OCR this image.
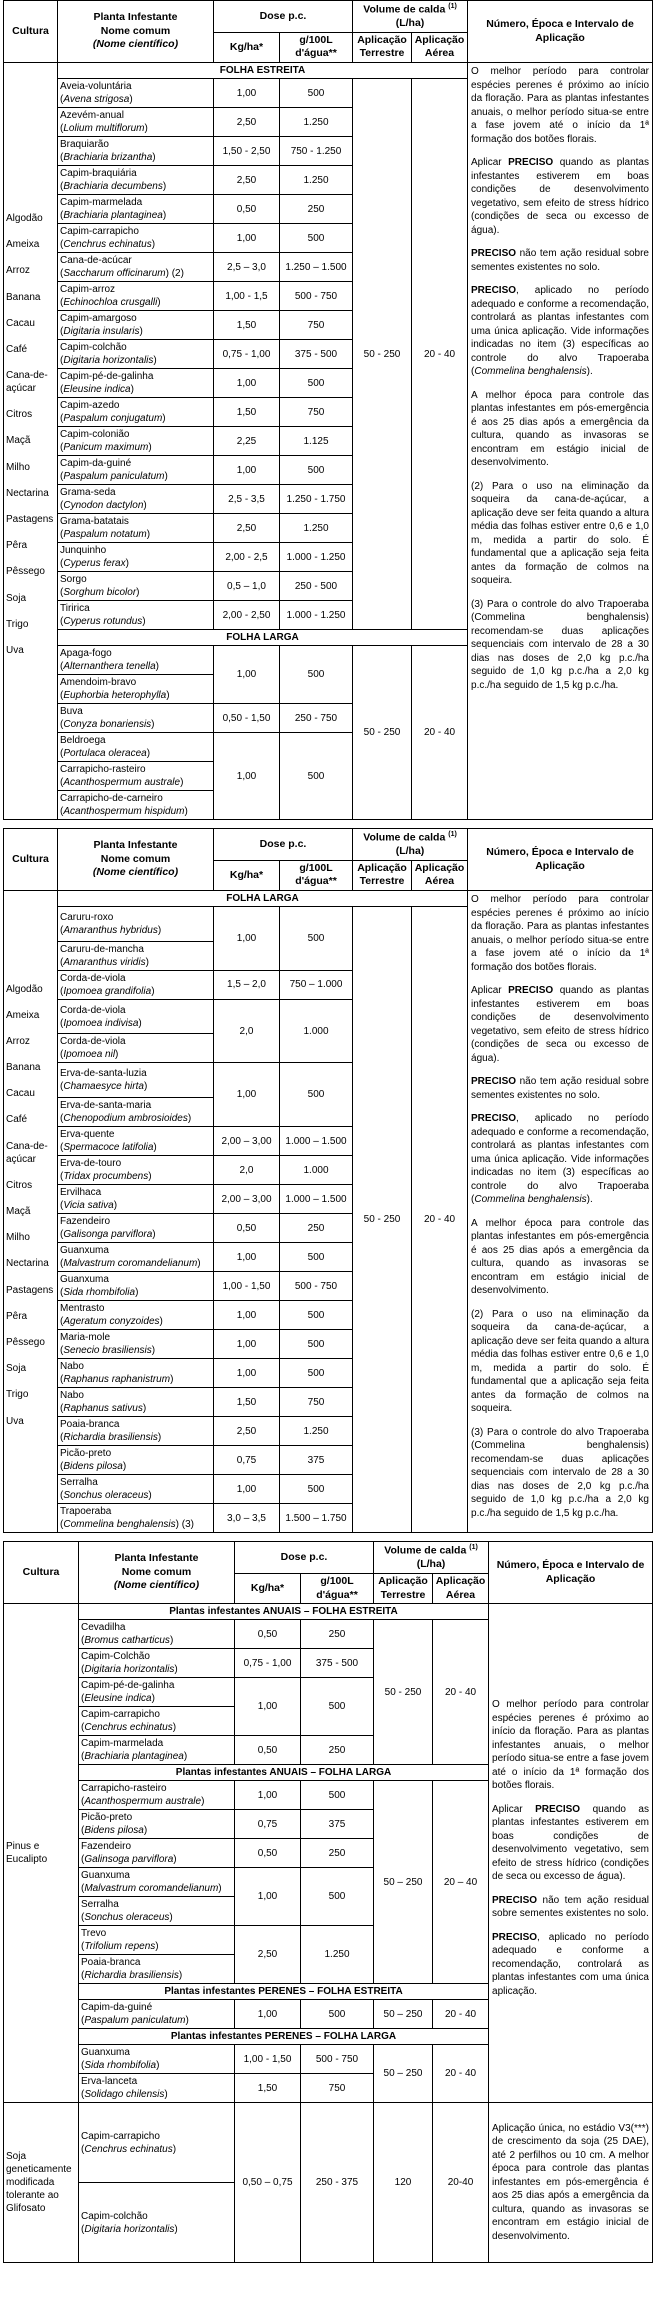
Cultura	Planta Infestante
Nome comum
(Nome científico)	Dose p.c.		Volume de calda $^{(1)}$
(L/ha)		Número, Época e Intervalo de Aplicação
		Kg/ha*	g/100L d'água**	Aplicação Terrestre	Aplicação Aérea	

Algodão
Ameixa
Arroz
Banana
Cacau
Café
Cana-de-açúcar
Citros
Maçã
Milho
Nectarina
Pastagens
Pêra
Pêssego
Soja
Trigo
Uva
	FOLHA ESTREITA	O melhor período para controlar espécies perenes é próximo ao início da floração. Para as plantas infestantes anuais, o melhor período situa-se entre a fase jovem até o início da 1ª formação dos botões florais.

Aplicar PRECISO quando as plantas infestantes estiverem em boas condições de desenvolvimento vegetativo, sem efeito de stress hídrico (condições de seca ou excesso de água).

PRECISO não tem ação residual sobre sementes existentes no solo.

PRECISO, aplicado no período adequado e conforme a recomendação, controlará as plantas infestantes com uma única aplicação. Vide informações indicadas no item (3) específicas ao controle do alvo Trapoeraba (Commelina benghalensis).

A melhor época para controle das plantas infestantes em pós-emergência é aos 25 dias após a emergência da cultura, quando as invasoras se encontram em estágio inicial de desenvolvimento.

(2) Para o uso na eliminação da soqueira da cana-de-açúcar, a aplicação deve ser feita quando a altura média das folhas estiver entre 0,6 e 1,0 m, medida a partir do solo. É fundamental que a aplicação seja feita antes da formação de colmos na soqueira.

(3) Para o controle do alvo Trapoeraba (Commelina benghalensis) recomendam-se duas aplicações sequenciais com intervalo de 28 a 30 dias nas doses de 2,0 kg p.c./ha seguido de 1,0 kg p.c./ha a 2,0 kg p.c./ha seguido de 1,5 kg p.c./ha.

	Aveia-voluntária
(Avena strigosa)	1,00	500	50 - 250	20 - 40	

	Azevém-anual
(Lolium multiflorum)	2,50	1.250			

	Braquiarão
(Brachiaria brizantha)	1,50 - 2,50	750 - 1.250			

	Capim-braquiária
(Brachiaria decumbens)	2,50	1.250			

	Capim-marmelada
(Brachiaria plantaginea)	0,50	250			

	Capim-carrapicho
(Cenchrus echinatus)	1,00	500			

	Cana-de-acúcar
(Saccharum officinarum) (2)	2,5 – 3,0	1.250 – 1.500			

	Capim-arroz
(Echinochloa crusgalli)	1,00 - 1,5	500 - 750			

	Capim-amargoso
(Digitaria insularis)	1,50	750			

	Capim-colchão
(Digitaria horizontalis)	0,75 - 1,00	375 - 500			

	Capim-pé-de-galinha
(Eleusine indica)	1,00	500			

	Capim-azedo
(Paspalum conjugatum)	1,50	750			

	Capim-colonião
(Panicum maximum)	2,25	1.125			

	Capim-da-guiné
(Paspalum paniculatum)	1,00	500			

	Grama-seda
(Cynodon dactylon)	2,5 - 3,5	1.250 - 1.750			

	Grama-batatais
(Paspalum notatum)	2,50	1.250			

	Junquinho
(Cyperus ferax)	2,00 - 2,5	1.000 - 1.250			

	Sorgo
(Sorghum bicolor)	0,5 – 1,0	250 - 500			

	Tiririca
(Cyperus rotundus)	2,00 - 2,50	1.000 - 1.250			
	FOLHA LARGA					

	Apaga-fogo
(Alternanthera tenella)	1,00	500	50 - 250	20 - 40	

	Amendoim-bravo
(Euphorbia heterophylla)					

	Buva
(Conyza bonariensis)	0,50 - 1,50	250 - 750			

	Beldroega
(Portulaca oleracea)	1,00	500			

	Carrapicho-rasteiro
(Acanthospermum australe)					

	Carrapicho-de-carneiro
(Acanthospermum hispidum)					
Cultura	Planta Infestante
Nome comum
(Nome científico)	Dose p.c.		Volume de calda $^{(1)}$
(L/ha)		Número, Época e Intervalo de Aplicação
		Kg/ha*	g/100L d'água**	Aplicação Terrestre	Aplicação Aérea	

Algodão
Ameixa
Arroz
Banana
Cacau
Café
Cana-de-açúcar
Citros
Maçã
Milho
Nectarina
Pastagens
Pêra
Pêssego
Soja
Trigo
Uva
	FOLHA LARGA	O melhor período para controlar espécies perenes é próximo ao início da floração. Para as plantas infestantes anuais, o melhor período situa-se entre a fase jovem até o início da 1ª formação dos botões florais.

Aplicar PRECISO quando as plantas infestantes estiverem em boas condições de desenvolvimento vegetativo, sem efeito de stress hídrico (condições de seca ou excesso de água).

PRECISO não tem ação residual sobre sementes existentes no solo.

PRECISO, aplicado no período adequado e conforme a recomendação, controlará as plantas infestantes com uma única aplicação. Vide informações indicadas no item (3) específicas ao controle do alvo Trapoeraba (Commelina benghalensis).

A melhor época para controle das plantas infestantes em pós-emergência é aos 25 dias após a emergência da cultura, quando as invasoras se encontram em estágio inicial de desenvolvimento.

(2) Para o uso na eliminação da soqueira da cana-de-açúcar, a aplicação deve ser feita quando a altura média das folhas estiver entre 0,6 e 1,0 m, medida a partir do solo. É fundamental que a aplicação seja feita antes da formação de colmos na soqueira.

(3) Para o controle do alvo Trapoeraba (Commelina benghalensis) recomendam-se duas aplicações sequenciais com intervalo de 28 a 30 dias nas doses de 2,0 kg p.c./ha seguido de 1,0 kg p.c./ha a 2,0 kg p.c./ha seguido de 1,5 kg p.c./ha.

	Caruru-roxo
(Amaranthus hybridus)	1,00	500	50 - 250	20 - 40	

	Caruru-de-mancha
(Amaranthus viridis)					

	Corda-de-viola
(Ipomoea grandifolia)	1,5 – 2,0	750 – 1.000			

	Corda-de-viola
(Ipomoea indivisa)	2,0	1.000			

	Corda-de-viola
(Ipomoea nil)					

	Erva-de-santa-luzia
(Chamaesyce hirta)	1,00	500			

	Erva-de-santa-maria
(Chenopodium ambrosioides)					

	Erva-quente
(Spermacoce latifolia)	2,00 – 3,00	1.000 – 1.500			

	Erva-de-touro
(Tridax procumbens)	2,0	1.000			

	Ervilhaca
(Vicia sativa)	2,00 – 3,00	1.000 – 1.500			

	Fazendeiro
(Galisonga parviflora)	0,50	250			

	Guanxuma
(Malvastrum coromandelianum)	1,00	500			

	Guanxuma
(Sida rhombifolia)	1,00 - 1,50	500 - 750			

	Mentrasto
(Ageratum conyzoides)	1,00	500			

	Maria-mole
(Senecio brasiliensis)	1,00	500			

	Nabo
(Raphanus raphanistrum)	1,00	500			

	Nabo
(Raphanus sativus)	1,50	750			

	Poaia-branca
(Richardia brasiliensis)	2,50	1.250			

	Picão-preto
(Bidens pilosa)	0,75	375			

	Serralha
(Sonchus oleraceus)	1,00	500			

	Trapoeraba
(Commelina benghalensis) (3)	3,0 – 3,5	1.500 – 1.750			
Cultura	Planta Infestante
Nome comum
(Nome científico)	Dose p.c.		Volume de calda $^{(1)}$
(L/ha)		Número, Época e Intervalo de Aplicação
		Kg/ha*	g/100L d'água**	Aplicação Terrestre	Aplicação Aérea	
Pinus e Eucalipto	Plantas infestantes ANUAIS – FOLHA ESTREITA					O melhor período para controlar espécies perenes é próximo ao início da floração. Para as plantas infestantes anuais, o melhor período situa-se entre a fase jovem até o início da 1ª formação dos botões florais.

Aplicar PRECISO quando as plantas infestantes estiverem em boas condições de desenvolvimento vegetativo, sem efeito de stress hídrico (condições de seca ou excesso de água).

PRECISO não tem ação residual sobre sementes existentes no solo.

PRECISO, aplicado no período adequado e conforme a recomendação, controlará as plantas infestantes com uma única aplicação.

	Cevadilha
(Bromus catharticus)	0,50	250	50 - 250	20 - 40	

	Capim-Colchão
(Digitaria horizontalis)	0,75 - 1,00	375 - 500			

	Capim-pé-de-galinha
(Eleusine indica)	1,00	500			

	Capim-carrapicho
(Cenchrus echinatus)					

	Capim-marmelada
(Brachiaria plantaginea)	0,50	250			
	Plantas infestantes ANUAIS – FOLHA LARGA					

	Carrapicho-rasteiro
(Acanthospermum australe)	1,00	500	50 – 250	20 – 40	

	Picão-preto
(Bidens pilosa)	0,75	375			

	Fazendeiro
(Galinsoga parviflora)	0,50	250			

	Guanxuma
(Malvastrum coromandelianum)	1,00	500			

	Serralha
(Sonchus oleraceus)					

	Trevo
(Trifolium repens)	2,50	1.250			

	Poaia-branca
(Richardia brasiliensis)					

	Plantas infestantes PERENES – FOLHA ESTREITA					

	Capim-da-guiné
(Paspalum paniculatum)	1,00	500	50 – 250	20 - 40	
	Plantas infestantes PERENES – FOLHA LARGA					

	Guanxuma
(Sida rhombifolia)	1,00 - 1,50	500 - 750	50 – 250	20 - 40	

	Erva-lanceta
(Solidago chilensis)	1,50	750			
Soja geneticamente modificada tolerante ao Glifosato	Capim-carrapicho
(Cenchrus echinatus)	0,50 – 0,75	250 - 375	120	20-40	Aplicação única, no estádio V3(***) de crescimento da soja (25 DAE), até 2 perfilhos ou 10 cm. A melhor época para controle das plantas infestantes em pós-emergência é aos 25 dias após a emergência da cultura, quando as invasoras se encontram em estágio inicial de desenvolvimento.

	Capim-colchão
(Digitaria horizontalis)					
